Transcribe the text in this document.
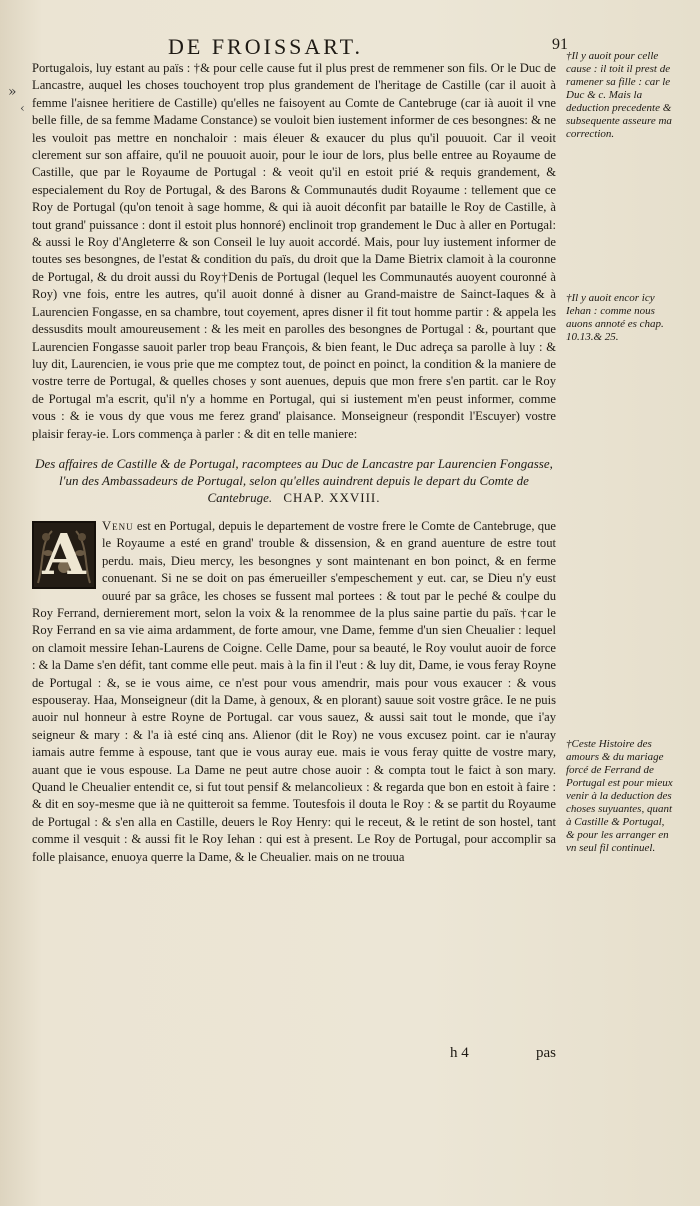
DE FROISSART.	91
»
‹

Portugalois, luy estant au païs : †& pour celle cause fut il plus prest de remmener son fils. Or le Duc de Lancastre, auquel les choses touchoyent trop plus grandement de l'heritage de Castille (car il auoit à femme l'aisnee heritiere de Castille) qu'elles ne faisoyent au Comte de Cantebruge (car ià auoit il vne belle fille, de sa femme Madame Constance) se vouloit bien iustement informer de ces besongnes: & ne les vouloit pas mettre en nonchaloir : mais éleuer & exaucer du plus qu'il pouuoit. Car il veoit clerement sur son affaire, qu'il ne pouuoit auoir, pour le iour de lors, plus belle entree au Royaume de Castille, que par le Royaume de Portugal : & veoit qu'il en estoit prié & requis grandement, & especialement du Roy de Portugal, & des Barons & Communautés dudit Royaume : tellement que ce Roy de Portugal (qu'on tenoit à sage homme, & qui ià auoit déconfit par bataille le Roy de Castille, à tout grand' puissance : dont il estoit plus honnoré) enclinoit trop grandement le Duc à aller en Portugal: & aussi le Roy d'Angleterre & son Conseil le luy auoit accordé. Mais, pour luy iustement informer de toutes ses besongnes, de l'estat & condition du païs, du droit que la Dame Bietrix clamoit à la couronne de Portugal, & du droit aussi du Roy†Denis de Portugal (lequel les Communautés auoyent couronné à Roy) vne fois, entre les autres, qu'il auoit donné à disner au Grand-maistre de Sainct-Iaques & à Laurencien Fongasse, en sa chambre, tout coyement, apres disner il fit tout homme partir : & appela les dessusdits moult amoureusement : & les meit en parolles des besongnes de Portugal : &, pourtant que Laurencien Fongasse sauoit parler trop beau François, & bien feant, le Duc adreça sa parolle à luy : & luy dit, Laurencien, ie vous prie que me comptez tout, de poinct en poinct, la condition & la maniere de vostre terre de Portugal, & quelles choses y sont auenues, depuis que mon frere s'en partit. car le Roy de Portugal m'a escrit, qu'il n'y a homme en Portugal, qui si iustement m'en peust informer, comme vous : & ie vous dy que vous me ferez grand' plaisance. Monseigneur (respondit l'Escuyer) vostre plaisir feray-ie. Lors commença à parler : & dit en telle maniere:

Des affaires de Castille & de Portugal, racomptees au Duc de Lancastre par Laurencien Fongasse, l'un des Ambassadeurs de Portugal, selon qu'elles auindrent depuis le depart du Comte de Cantebruge. CHAP. XXVIII.
A	Venu est en Portugal, depuis le departement de vostre frere le Comte de Cantebruge, que le Royaume a esté en grand' trouble & dissension, & en grand auenture de estre tout perdu. mais, Dieu mercy, les besongnes y sont maintenant en bon poinct, & en ferme conuenant. Si ne se doit on pas émerueiller s'empeschement y eut. car, se Dieu n'y eust ouuré par sa grâce, les choses se fussent mal portees : & tout par le peché & coulpe du Roy Ferrand, dernierement mort, selon la voix & la renommee de la plus saine partie du païs. †car le Roy Ferrand en sa vie aima ardamment, de forte amour, vne Dame, femme d'un sien Cheualier : lequel on clamoit messire Iehan-Laurens de Coigne. Celle Dame, pour sa beauté, le Roy voulut auoir de force : & la Dame s'en défit, tant comme elle peut. mais à la fin il l'eut : & luy dit, Dame, ie vous feray Royne de Portugal : &, se ie vous aime, ce n'est pour vous amendrir, mais pour vous exaucer : & vous espouseray. Haa, Monseigneur (dit la Dame, à genoux, & en plorant) sauue soit vostre grâce. Ie ne puis auoir nul honneur à estre Royne de Portugal. car vous sauez, & aussi sait tout le monde, que i'ay seigneur & mary : & l'a ià esté cinq ans. Alienor (dit le Roy) ne vous excusez point. car ie n'auray iamais autre femme à espouse, tant que ie vous auray eue. mais ie vous feray quitte de vostre mary, auant que ie vous espouse. La Dame ne peut autre chose auoir : & compta tout le faict à son mary. Quand le Cheualier entendit ce, si fut tout pensif & melancolieux : & regarda que bon en estoit à faire : & dit en soy-mesme que ià ne quitteroit sa femme. Toutesfois il douta le Roy : & se partit du Royaume de Portugal : & s'en alla en Castille, deuers le Roy Henry: qui le receut, & le retint de son hostel, tant comme il vesquit : & aussi fit le Roy Iehan : qui est à present. Le Roy de Portugal, pour accomplir sa folle plaisance, enuoya querre la Dame, & le Cheualier. mais on ne trouua

h 4	pas
†Il y auoit pour celle cause : il toit il prest de ramener sa fille : car le Duc & c. Mais la deduction precedente & subsequente asseure ma correction.
†Il y auoit encor icy Iehan : comme nous auons annoté es chap. 10.13.& 25.
†Ceste Histoire des amours & du mariage forcé de Ferrand de Portugal est pour mieux venir à la deduction des choses suyuantes, quant à Castille & Portugal, & pour les arranger en vn seul fil continuel.
